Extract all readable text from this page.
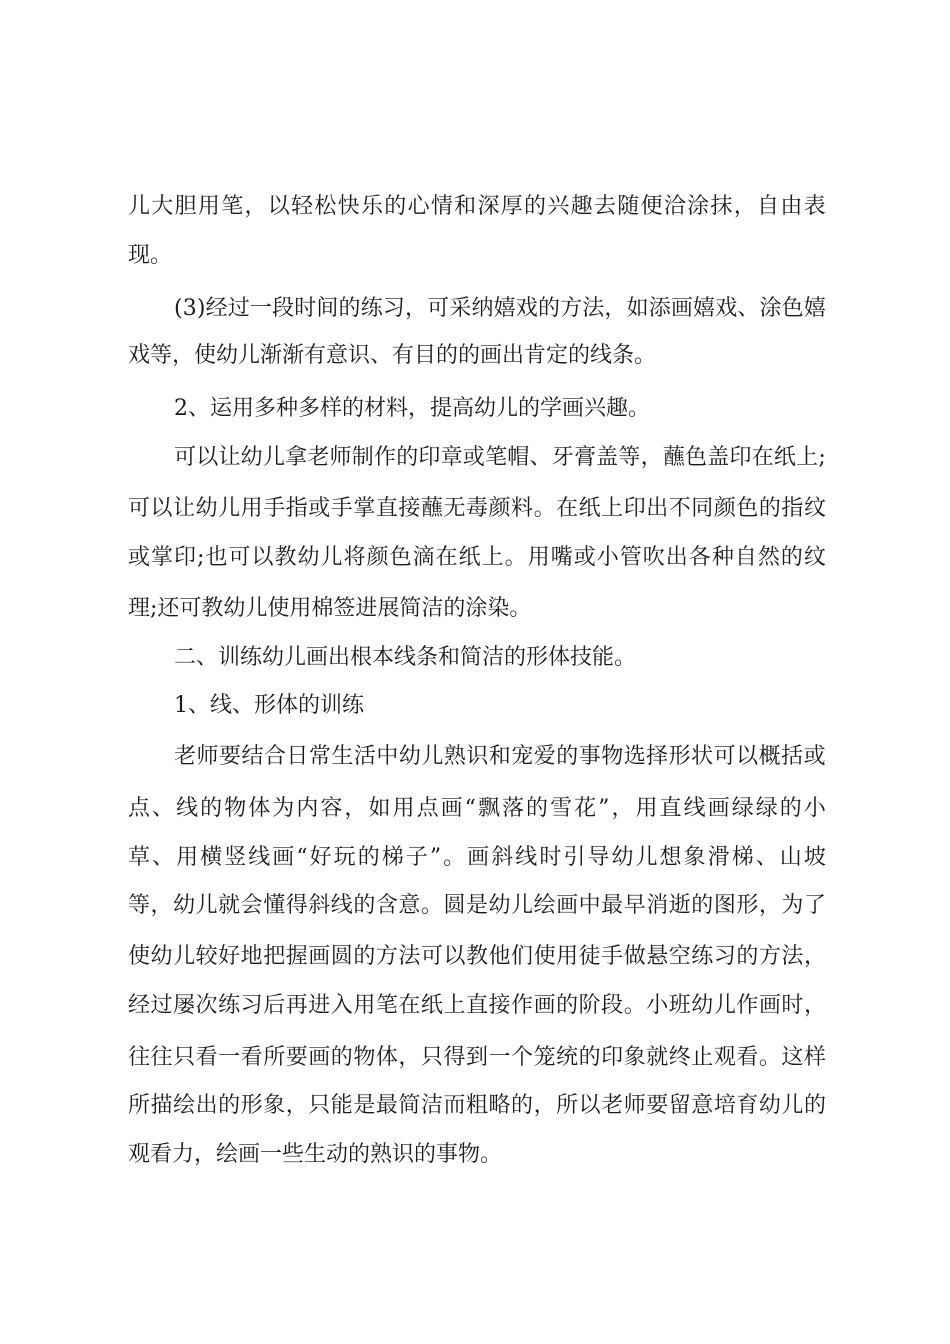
儿 大 胆 用 笔 ， 以 轻 松 快 乐 的 心 情 和 深 厚 的 兴 趣 去 随 便 洽 涂 抹 ， 自 由 表

现。

( 3 ) 经 过 一 段 时 间 的 练 习 ， 可 采 纳 嬉 戏 的 方 法 ， 如 添 画 嬉 戏 、 涂 色 嬉

戏等，使幼儿渐渐有意识、有目的的画出肯定的线条。

2、运用多种多样的材料，提高幼儿的学画兴趣。

可 以 让 幼 儿 拿 老 师 制 作 的 印 章 或 笔 帽 、 牙 膏 盖 等 ， 蘸 色 盖 印 在 纸 上 ;

可 以 让 幼 儿 用 手 指 或 手 掌 直 接 蘸 无 毒 颜 料 。 在 纸 上 印 出 不 同 颜 色 的 指 纹

或 掌 印 ; 也 可 以 教 幼 儿 将 颜 色 滴 在 纸 上 。 用 嘴 或 小 管 吹 出 各 种 自 然 的 纹

理;还可教幼儿使用棉签进展简洁的涂染。

二、训练幼儿画出根本线条和简洁的形体技能。

1、线、形体的训练

老 师 要 结 合 日 常 生 活 中 幼 儿 熟 识 和 宠 爱 的 事 物 选 择 形 状 可 以 概 括 或

点 、 线 的 物 体 为 内 容 ， 如 用 点 画 “ 飘 落 的 雪 花 ” ， 用 直 线 画 绿 绿 的 小

草 、 用 横 竖 线 画 “ 好 玩 的 梯 子 ” 。 画 斜 线 时 引 导 幼 儿 想 象 滑 梯 、 山 坡

等 ， 幼 儿 就 会 懂 得 斜 线 的 含 意 。 圆 是 幼 儿 绘 画 中 最 早 消 逝 的 图 形 ， 为 了

使 幼 儿 较 好 地 把 握 画 圆 的 方 法 可 以 教 他 们 使 用 徒 手 做 悬 空 练 习 的 方 法 ，

经 过 屡 次 练 习 后 再 进 入 用 笔 在 纸 上 直 接 作 画 的 阶 段 。 小 班 幼 儿 作 画 时 ，

往 往 只 看 一 看 所 要 画 的 物 体 ， 只 得 到 一 个 笼 统 的 印 象 就 终 止 观 看 。 这 样

所 描 绘 出 的 形 象 ， 只 能 是 最 简 洁 而 粗 略 的 ， 所 以 老 师 要 留 意 培 育 幼 儿 的

观看力，绘画一些生动的熟识的事物。
